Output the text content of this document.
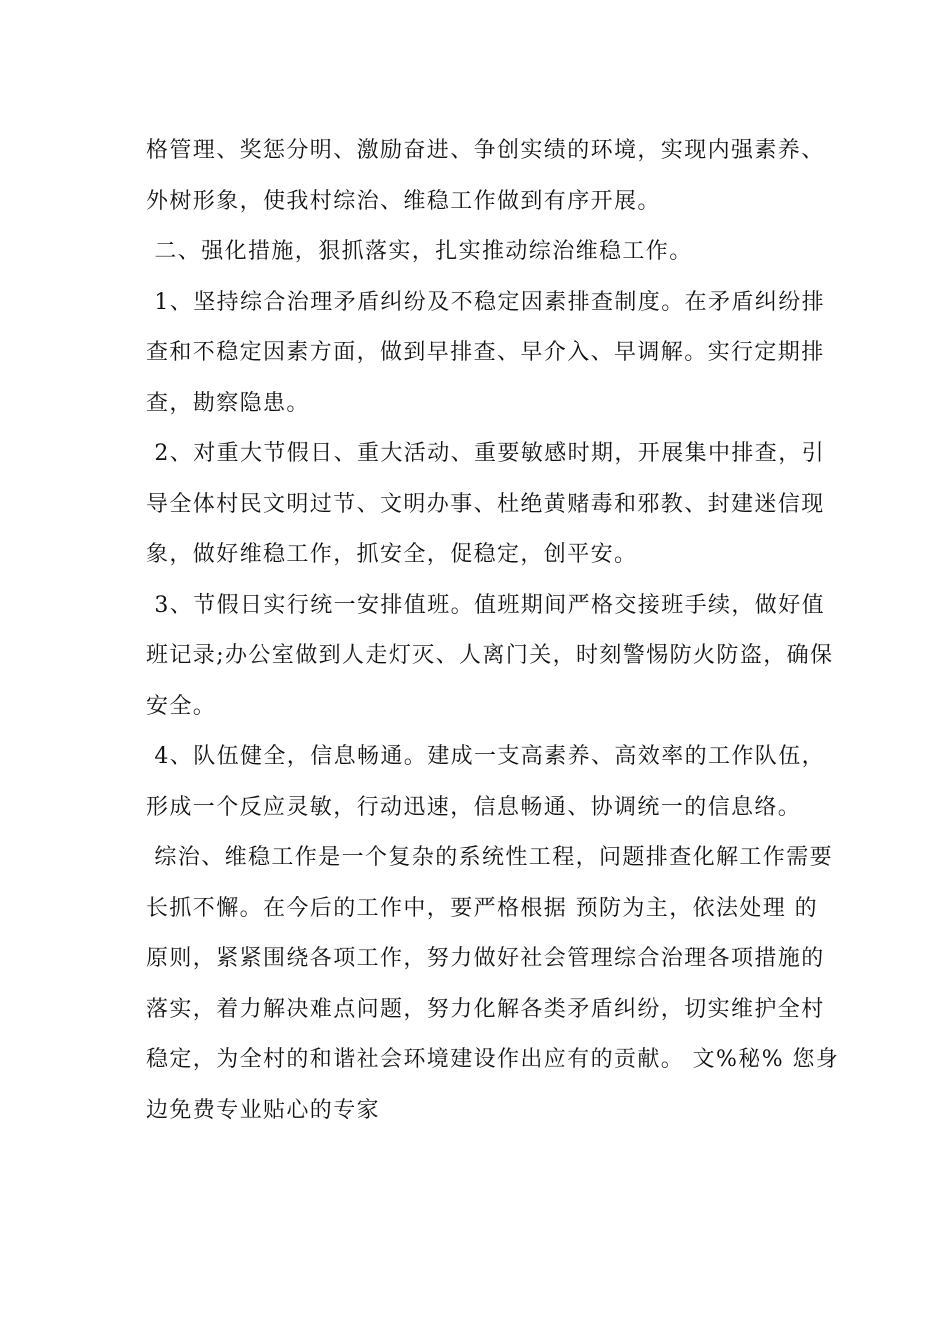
格管理、奖惩分明、激励奋进、争创实绩的环境，实现内强素养、
外树形象，使我村综治、维稳工作做到有序开展。
二、强化措施，狠抓落实，扎实推动综治维稳工作。
1、坚持综合治理矛盾纠纷及不稳定因素排查制度。在矛盾纠纷排
查和不稳定因素方面，做到早排查、早介入、早调解。实行定期排
查，勘察隐患。
2、对重大节假日、重大活动、重要敏感时期，开展集中排查，引
导全体村民文明过节、文明办事、杜绝黄赌毒和邪教、封建迷信现
象，做好维稳工作，抓安全，促稳定，创平安。
3、节假日实行统一安排值班。值班期间严格交接班手续，做好值
班记录;办公室做到人走灯灭、人离门关，时刻警惕防火防盗，确保
安全。
4、队伍健全，信息畅通。建成一支高素养、高效率的工作队伍，
形成一个反应灵敏，行动迅速，信息畅通、协调统一的信息络。
综治、维稳工作是一个复杂的系统性工程，问题排查化解工作需要
长抓不懈。在今后的工作中，要严格根据 预防为主，依法处理 的
原则，紧紧围绕各项工作，努力做好社会管理综合治理各项措施的
落实，着力解决难点问题，努力化解各类矛盾纠纷，切实维护全村
稳定，为全村的和谐社会环境建设作出应有的贡献。 文%秘% 您身
边免费专业贴心的专家
